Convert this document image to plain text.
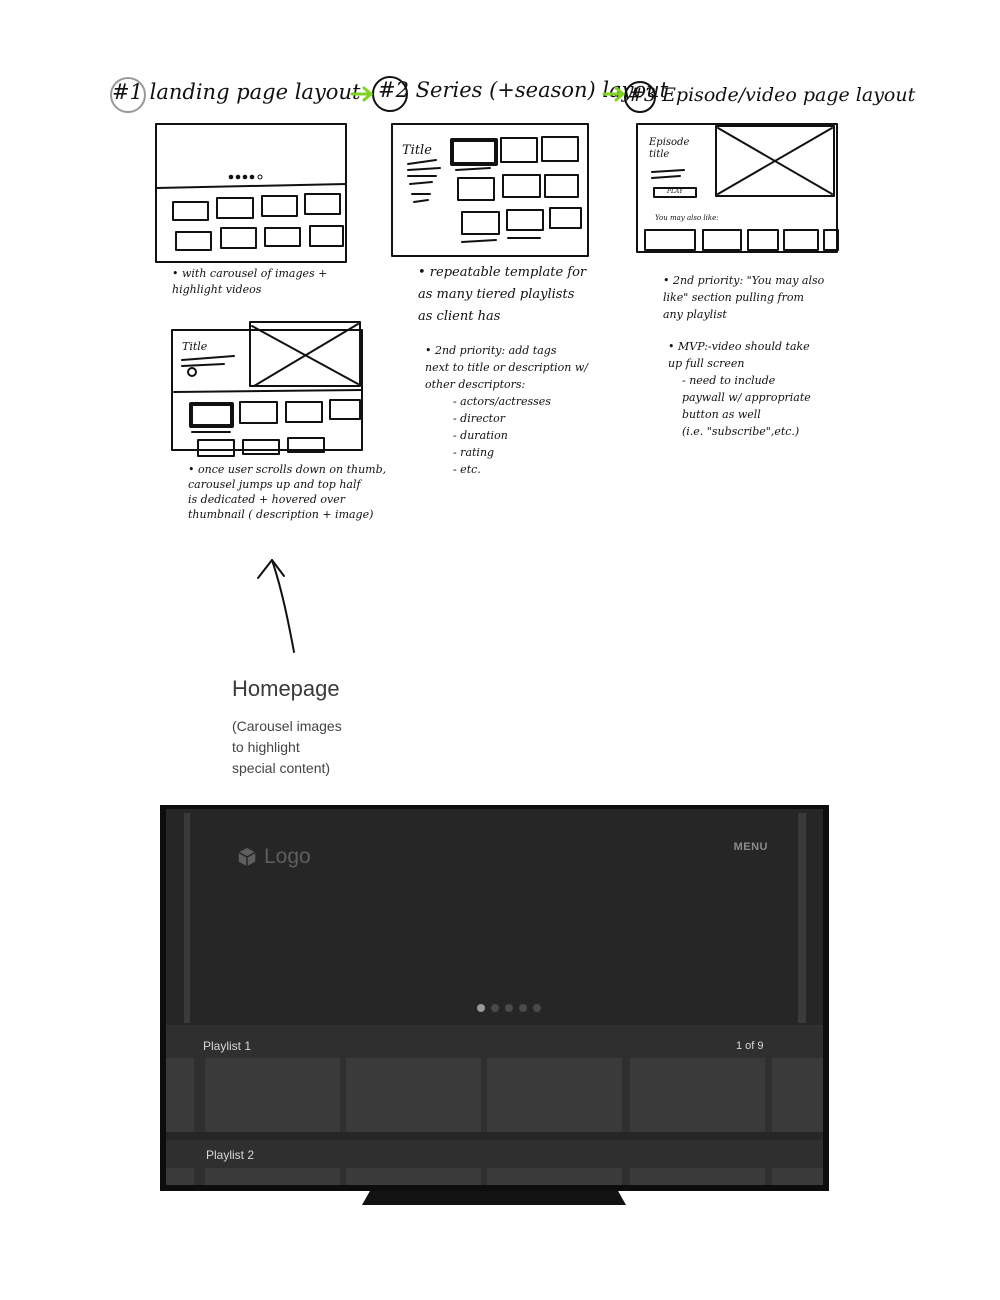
#1 landing page layout #2 Series (+season) layout
#3 Episode/video page layout
Title
Title
Episode title
PLAY
You may also like:
• with carousel of images +
highlight videos
• once user scrolls down on thumb,
carousel jumps up and top half
is dedicated + hovered over
thumbnail ( description + image)
• repeatable template for
as many tiered playlists
as client has
• 2nd priority: add tags
next to title or description w/
other descriptors:
- actors/actresses
- director
- duration
- rating
- etc.
• 2nd priority: "You may also
like" section pulling from
any playlist
• MVP:-video should take
up full screen
- need to include
paywall w/ appropriate
button as well
(i.e. "subscribe",etc.)
Homepage
(Carousel images
to highlight
special content)
Logo	MENU
Playlist 1	1 of 9
Playlist 2
